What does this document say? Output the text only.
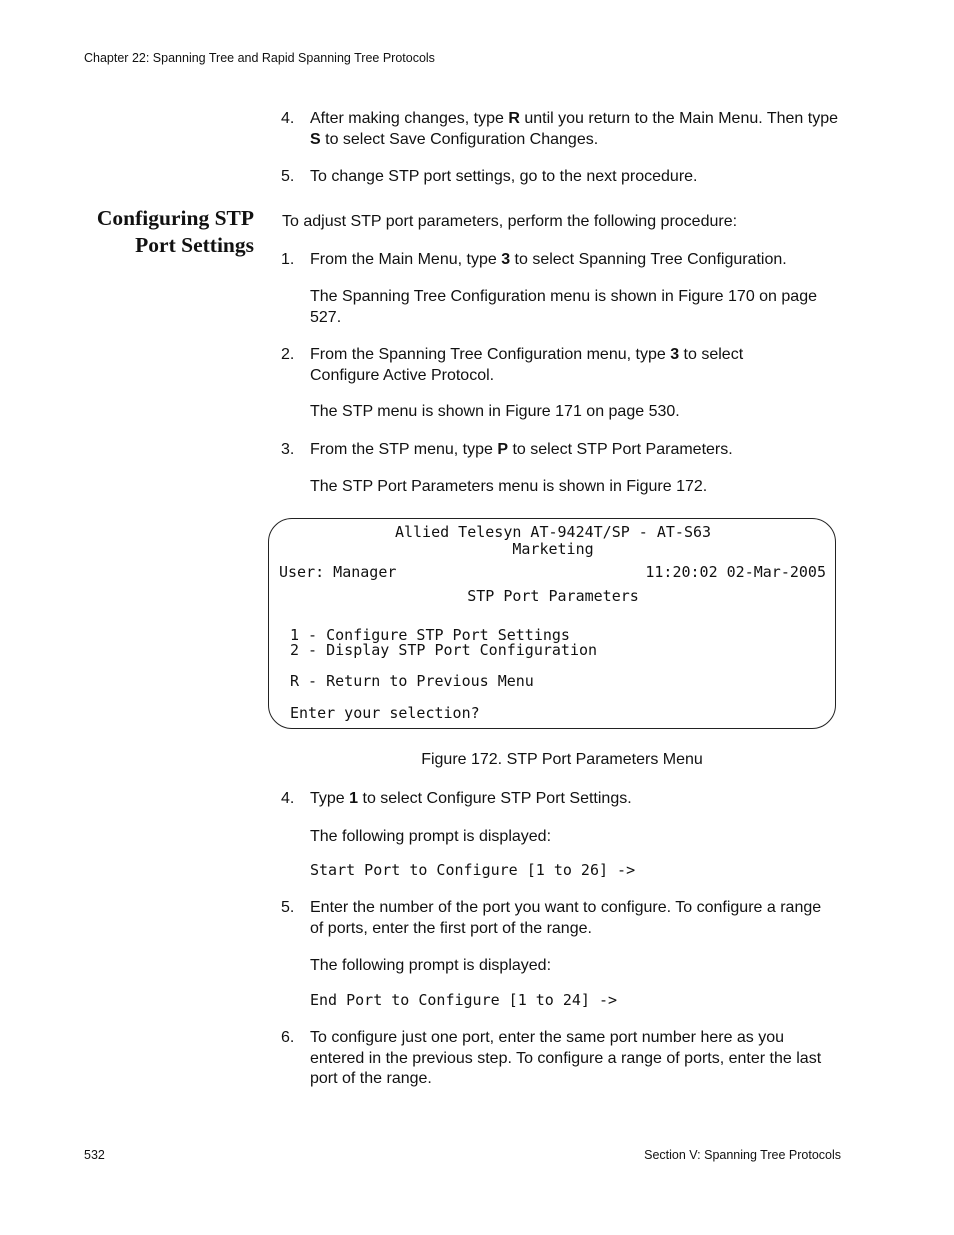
Chapter 22: Spanning Tree and Rapid Spanning Tree Protocols
4. After making changes, type R until you return to the Main Menu. Then type S to select Save Configuration Changes.
5. To change STP port settings, go to the next procedure.
Configuring STP
Port Settings
To adjust STP port parameters, perform the following procedure:
1. From the Main Menu, type 3 to select Spanning Tree Configuration.
The Spanning Tree Configuration menu is shown in Figure 170 on page 527.
2. From the Spanning Tree Configuration menu, type 3 to select Configure Active Protocol.
The STP menu is shown in Figure 171 on page 530.
3. From the STP menu, type P to select STP Port Parameters.
The STP Port Parameters menu is shown in Figure 172.
Allied Telesyn AT-9424T/SP - AT-S63
Marketing
User: Manager	11:20:02 02-Mar-2005
STP Port Parameters
1 - Configure STP Port Settings
2 - Display STP Port Configuration
R - Return to Previous Menu
Enter your selection?
Figure 172. STP Port Parameters Menu
4. Type 1 to select Configure STP Port Settings.
The following prompt is displayed:
Start Port to Configure [1 to 26] ->
5. Enter the number of the port you want to configure. To configure a range of ports, enter the first port of the range.
The following prompt is displayed:
End Port to Configure [1 to 24] ->
6. To configure just one port, enter the same port number here as you entered in the previous step. To configure a range of ports, enter the last port of the range.
532	Section V: Spanning Tree Protocols
